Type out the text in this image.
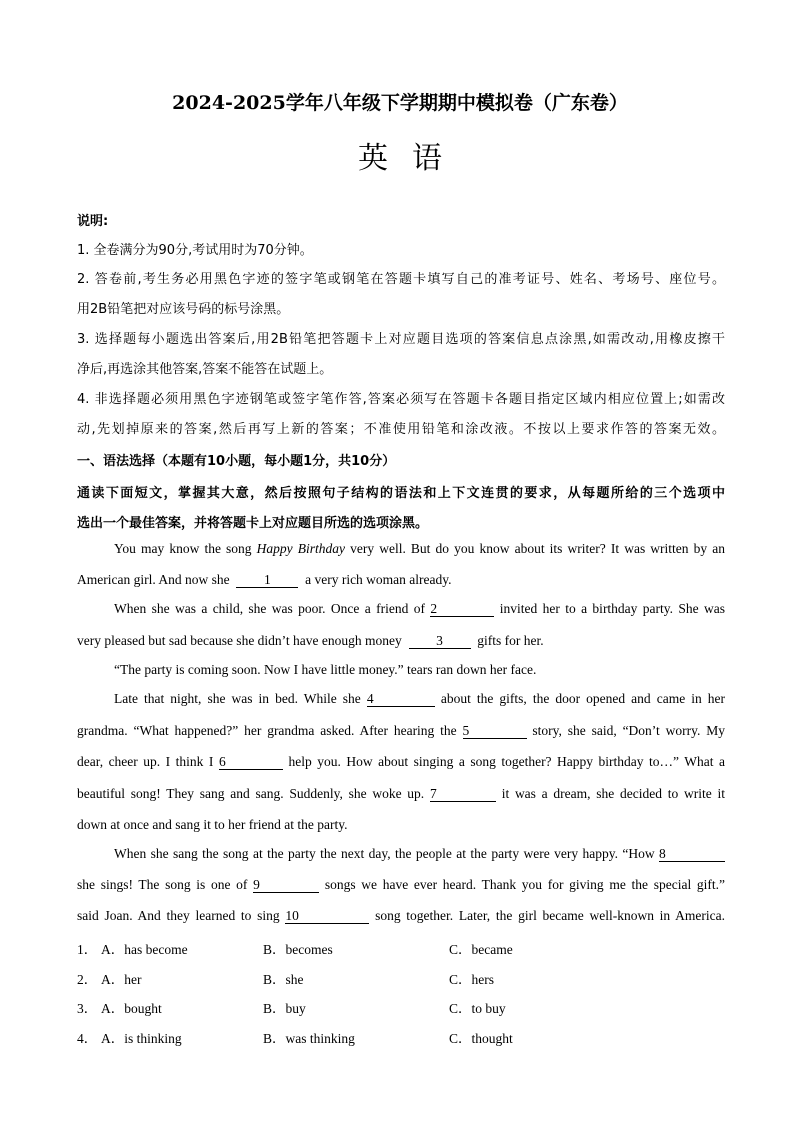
2024-2025学年八年级下学期期中模拟卷（广东卷）
英语
说明:
1. 全卷满分为90分,考试用时为70分钟。
2. 答卷前,考生务必用黑色字迹的签字笔或钢笔在答题卡填写自己的准考证号、姓名、考场号、座位号。
用2B铅笔把对应该号码的标号涂黑。
3. 选择题每小题选出答案后,用2B铅笔把答题卡上对应题目选项的答案信息点涂黑,如需改动,用橡皮擦干
净后,再选涂其他答案,答案不能答在试题上。
4. 非选择题必须用黑色字迹钢笔或签字笔作答,答案必须写在答题卡各题目指定区域内相应位置上;如需改
动,先划掉原来的答案,然后再写上新的答案；不准使用铅笔和涂改液。不按以上要求作答的答案无效。
一、语法选择（本题有10小题，每小题1分，共10分）
通读下面短文，掌握其大意，然后按照句子结构的语法和上下文连贯的要求，从每题所给的三个选项中
选出一个最佳答案，并将答题卡上对应题目所选的选项涂黑。
You may know the song Happy Birthday very well. But do you know about its writer? It was written by an
American girl. And now she	1	a very rich woman already.
When she was a child, she was poor. Once a friend of 2	invited her to a birthday party. She was
very pleased but sad because she didn’t have enough money	3	gifts for her.
“The party is coming soon. Now I have little money.” tears ran down her face.
Late that night, she was in bed. While she 4	about the gifts, the door opened and came in her
grandma. “What happened?” her grandma asked. After hearing the 5	story, she said, “Don’t worry. My
dear, cheer up. I think I 6	help you. How about singing a song together? Happy birthday to…” What a
beautiful song! They sang and sang. Suddenly, she woke up. 7	it was a dream, she decided to write it
down at once and sang it to her friend at the party.
When she sang the song at the party the next day, the people at the party were very happy. “How 8
she sings! The song is one of 9	songs we have ever heard. Thank you for giving me the special gift.”
said Joan. And they learned to sing 10	song together. Later, the girl became well-known in America.
1． A．has become	B．becomes	C．became
2． A．her	B．she	C．hers
3． A．bought	B．buy	C．to buy
4． A．is thinking	B．was thinking	C．thought
